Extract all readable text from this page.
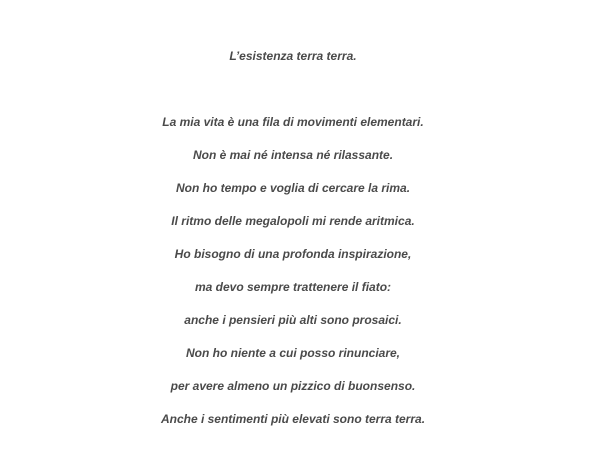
L’esistenza terra terra.
La mia vita è una fila di movimenti elementari.
Non è mai né intensa né rilassante.
Non ho tempo e voglia di cercare la rima.
Il ritmo delle megalopoli mi rende aritmica.
Ho bisogno di una profonda inspirazione,
ma devo sempre trattenere il fiato:
anche i pensieri più alti sono prosaici.
Non ho niente a cui posso rinunciare,
per avere almeno un pizzico di buonsenso.
Anche i sentimenti più elevati sono terra terra.
